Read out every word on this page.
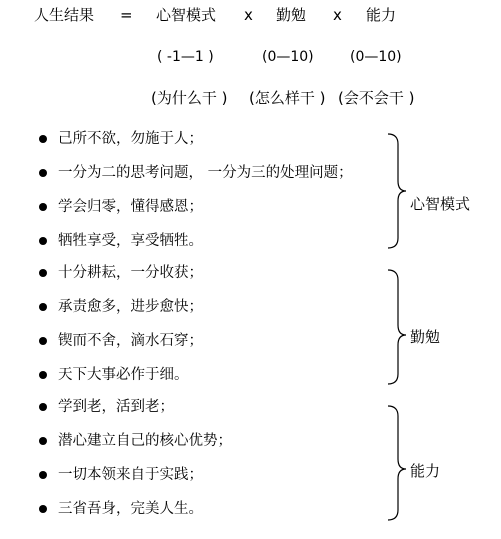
人生结果 = 心智模式 x 勤勉 x 能力
( -1—1 )	(0—10)	(0—10)
(为什么干 ) (怎么样干 ) (会不会干 )
己所不欲，勿施于人；
一分为二的思考问题， 一分为三的处理问题；
学会归零，懂得感恩；
牺牲享受，享受牺牲。
心智模式
十分耕耘，一分收获；
承责愈多，进步愈快；
锲而不舍，滴水石穿；
天下大事必作于细。
勤勉
学到老，活到老；
潜心建立自己的核心优势；
一切本领来自于实践；
三省吾身，完美人生。
能力
